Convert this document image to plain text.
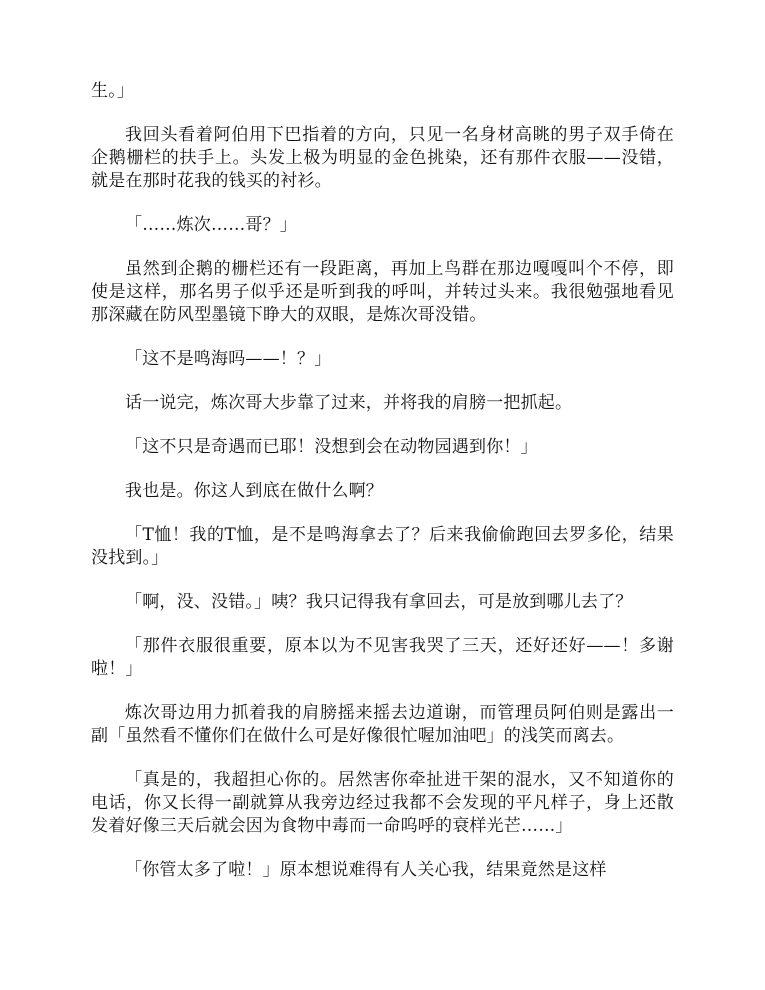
生。」

我回头看着阿伯用下巴指着的方向，只见一名身材高眺的男子双手倚在企鹅栅栏的扶手上。头发上极为明显的金色挑染，还有那件衣服——没错，就是在那时花我的钱买的衬衫。

「……炼次……哥？」

虽然到企鹅的栅栏还有一段距离，再加上鸟群在那边嘎嘎叫个不停，即使是这样，那名男子似乎还是听到我的呼叫，并转过头来。我很勉强地看见那深藏在防风型墨镜下睁大的双眼，是炼次哥没错。

「这不是鸣海吗——！？」

话一说完，炼次哥大步靠了过来，并将我的肩膀一把抓起。

「这不只是奇遇而已耶！没想到会在动物园遇到你！」

我也是。你这人到底在做什么啊？

「T恤！我的T恤，是不是鸣海拿去了？后来我偷偷跑回去罗多伦，结果没找到。」

「啊，没、没错。」咦？我只记得我有拿回去，可是放到哪儿去了？

「那件衣服很重要，原本以为不见害我哭了三天，还好还好——！多谢啦！」

炼次哥边用力抓着我的肩膀摇来摇去边道谢，而管理员阿伯则是露出一副「虽然看不懂你们在做什么可是好像很忙喔加油吧」的浅笑而离去。

「真是的，我超担心你的。居然害你牵扯进干架的混水，又不知道你的电话，你又长得一副就算从我旁边经过我都不会发现的平凡样子，身上还散发着好像三天后就会因为食物中毒而一命呜呼的衰样光芒……」

「你管太多了啦！」原本想说难得有人关心我，结果竟然是这样
